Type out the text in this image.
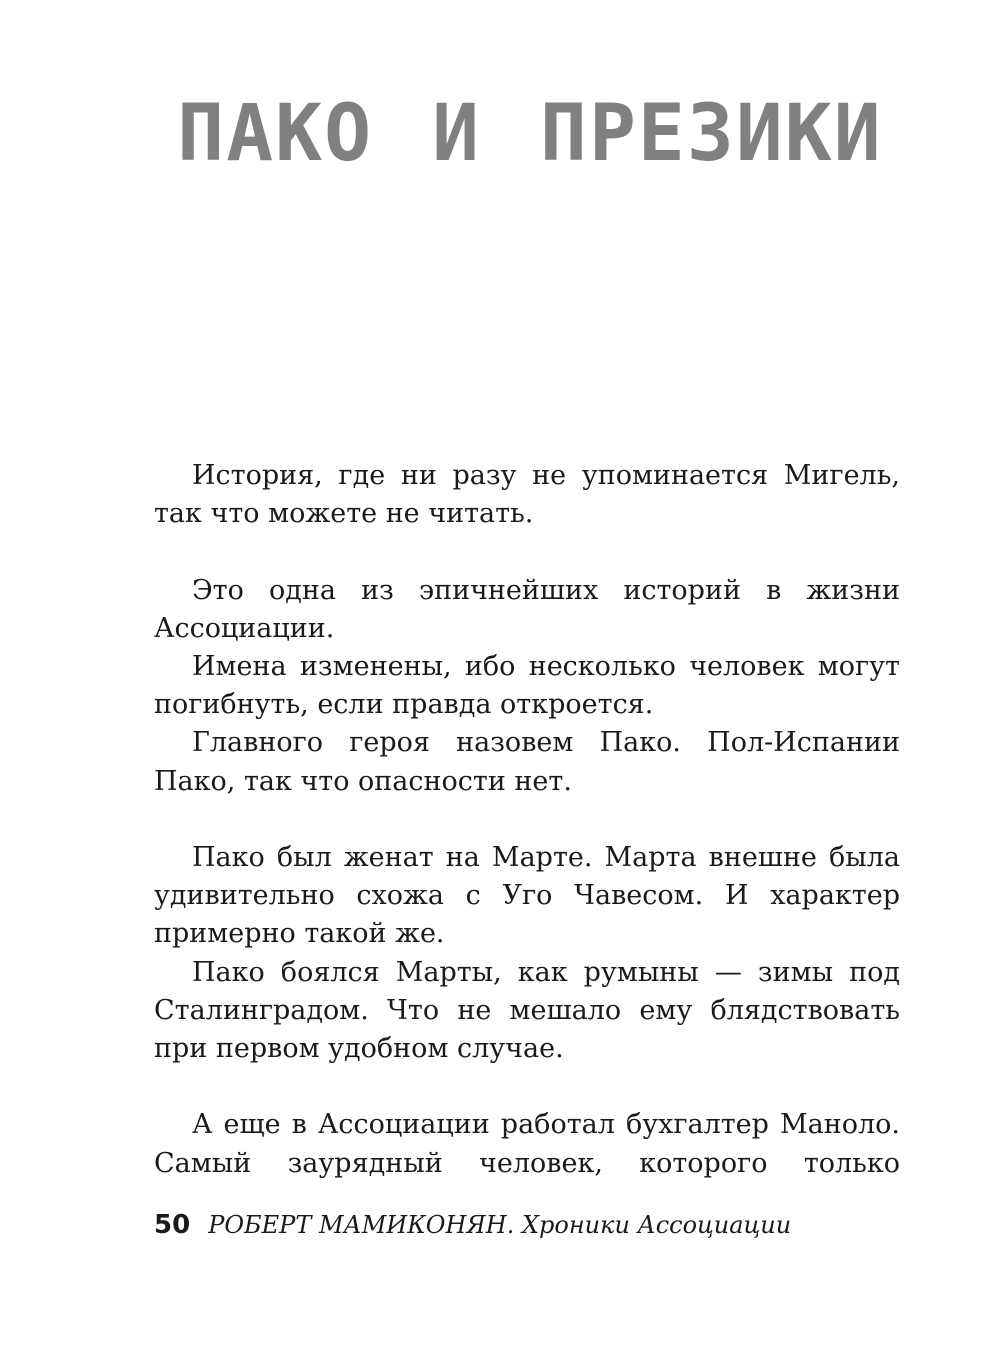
ПАКО И ПРЕЗИКИ

История, где ни разу не упоминается Мигель, так что можете не читать.

Это одна из эпичнейших историй в жизни Ассоциации.

Имена изменены, ибо несколько человек могут погибнуть, если правда откроется.

Главного героя назовем Пако. Пол-Испании Пако, так что опасности нет.

Пако был женат на Марте. Марта внешне была удивительно схожа с Уго Чавесом. И характер примерно такой же.

Пако боялся Марты, как румыны — зимы под Сталинградом. Что не мешало ему блядствовать при первом удобном случае.

А еще в Ассоциации работал бухгалтер Маноло. Самый заурядный человек, которого только

50 РОБЕРТ МАМИКОНЯН. Хроники Ассоциации
